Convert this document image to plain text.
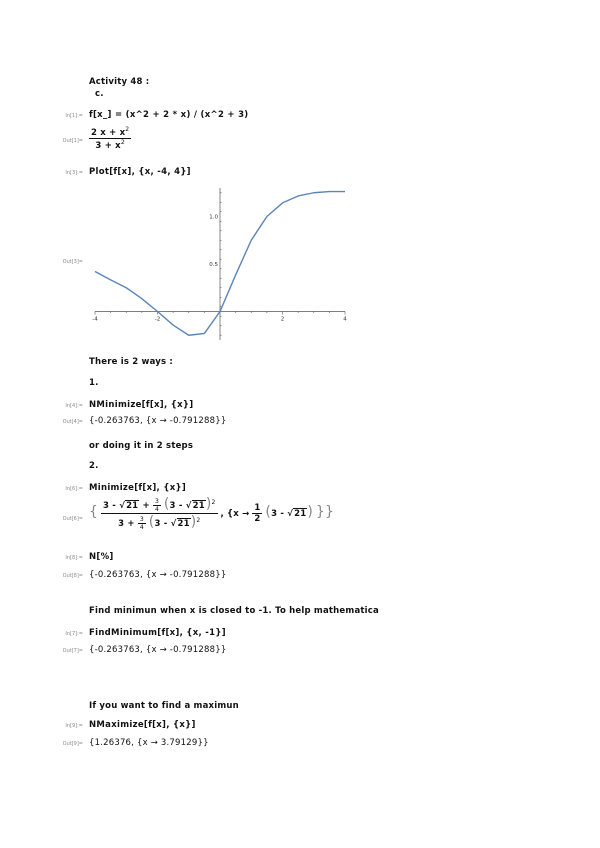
Activity 48 :
c.
In[1]:= f[x_] = (x^2 + 2 * x) / (x^2 + 3)
$Out[1]= \frac{2 x + x^2}{3 + x^2}$
In[3]:= Plot[f[x], {x, -4, 4}]
Out[3]=
-4	-2	2	4
0.5
1.0
There is 2 ways :
1.
In[4]:= NMinimize[f[x], {x}]
Out[4]= {-0.263763, {x → -0.791288}}
or doing it in 2 steps
2.
In[6]:= Minimize[f[x], {x}]
Out[6]= { $\frac{3 - √21 + \frac{3}{4} (3 - √21)^2}{3 + \frac{3}{4} (3 - √21)^2}$ , {$x \to \frac{1}{2} (3 - √21)$ }}
In[8]:= N[%]
Out[8]= {-0.263763, {x → -0.791288}}
Find minimun when x is closed to -1. To help mathematica
In[7]:= FindMinimum[f[x], {x, -1}]
Out[7]= {-0.263763, {x → -0.791288}}
If you want to find a maximun
In[9]:= NMaximize[f[x], {x}]
Out[9]= {1.26376, {x → 3.79129}}
